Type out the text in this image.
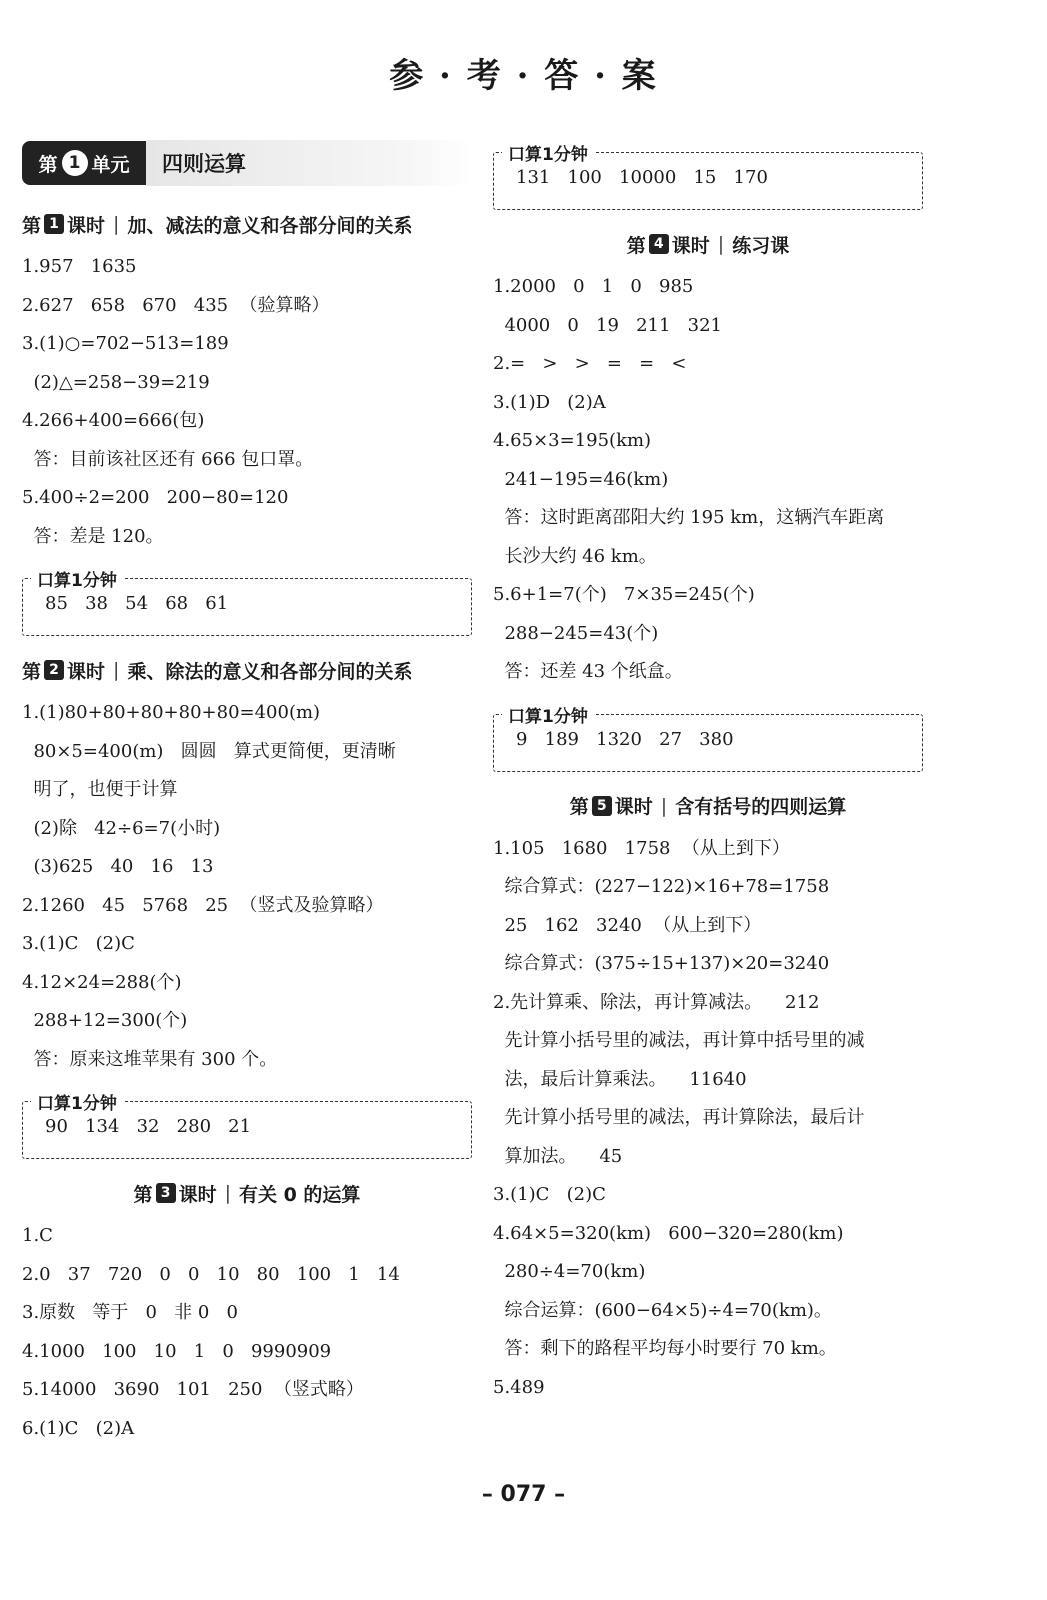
参 · 考 · 答 · 案
第 1 单元	四则运算
第 1 课时 | 加、减法的意义和各部分间的关系
1.957   1635
2.627   658   670   435  （验算略）
3.(1)○=702−513=189
(2)△=258−39=219
4.266+400=666(包)
答：目前该社区还有 666 包口罩。
5.400÷2=200   200−80=120
答：差是 120。
口算1分钟
85   38   54   68   61
第 2 课时 | 乘、除法的意义和各部分间的关系
1.(1)80+80+80+80+80=400(m)
80×5=400(m)   圆圆   算式更简便，更清晰
明了，也便于计算
(2)除   42÷6=7(小时)
(3)625   40   16   13
2.1260   45   5768   25  （竖式及验算略）
3.(1)C   (2)C
4.12×24=288(个)
288+12=300(个)
答：原来这堆苹果有 300 个。
口算1分钟
90   134   32   280   21
第 3 课时 | 有关 0 的运算
1.C
2.0   37   720   0   0   10   80   100   1   14
3.原数   等于   0   非 0   0
4.1000   100   10   1   0   9990909
5.14000   3690   101   250  （竖式略）
6.(1)C   (2)A
口算1分钟
131   100   10000   15   170
第 4 课时 | 练习课
1.2000   0   1   0   985
4000   0   19   211   321
2.=   >   >   =   =   <
3.(1)D   (2)A
4.65×3=195(km)
241−195=46(km)
答：这时距离邵阳大约 195 km，这辆汽车距离
长沙大约 46 km。
5.6+1=7(个)   7×35=245(个)
288−245=43(个)
答：还差 43 个纸盒。
口算1分钟
9   189   1320   27   380
第 5 课时 | 含有括号的四则运算
1.105   1680   1758  （从上到下）
综合算式：(227−122)×16+78=1758
25   162   3240  （从上到下）
综合算式：(375÷15+137)×20=3240
2.先计算乘、除法，再计算减法。    212
先计算小括号里的减法，再计算中括号里的减
法，最后计算乘法。    11640
先计算小括号里的减法，再计算除法，最后计
算加法。    45
3.(1)C   (2)C
4.64×5=320(km)   600−320=280(km)
280÷4=70(km)
综合运算：(600−64×5)÷4=70(km)。
答：剩下的路程平均每小时要行 70 km。
5.489
– 077 –
